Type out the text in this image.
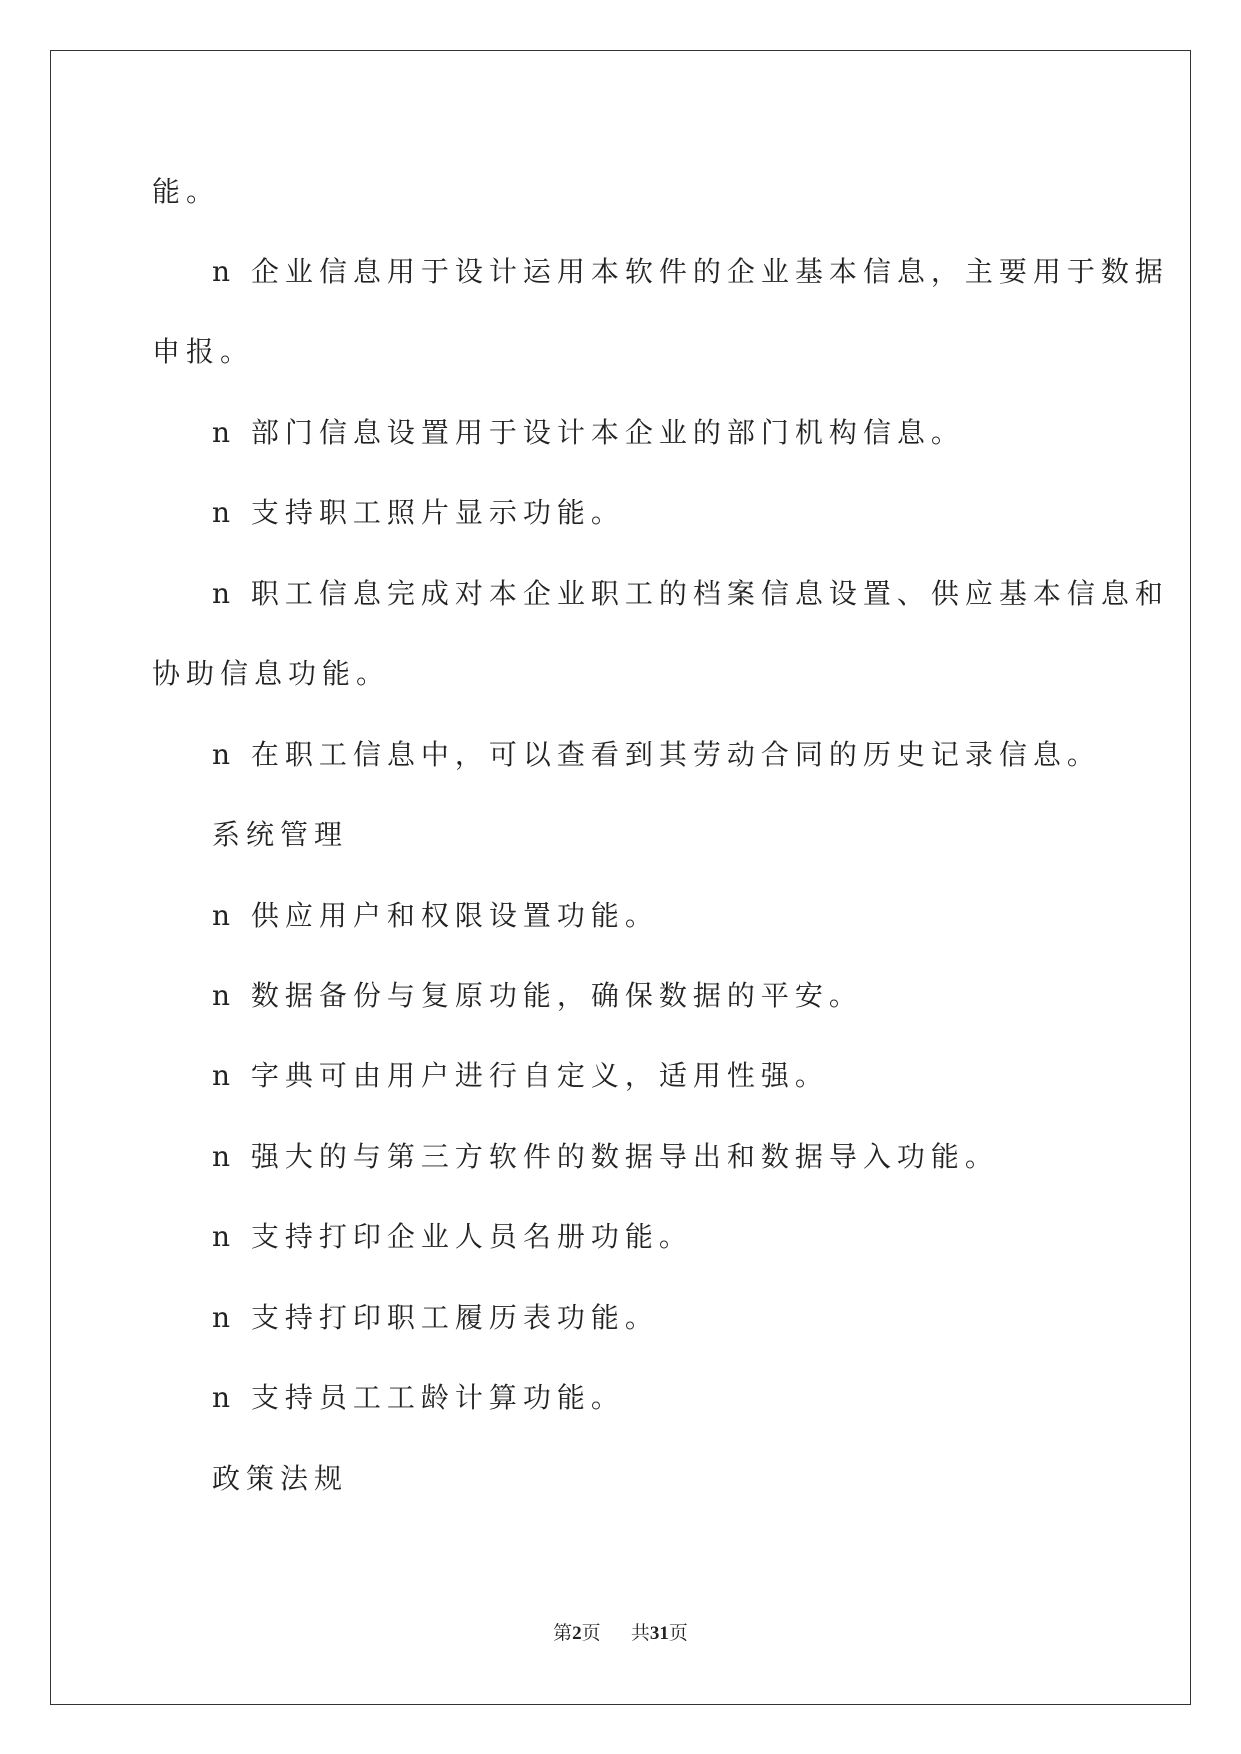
能。
n 企业信息用于设计运用本软件的企业基本信息，主要用于数据
申报。
n 部门信息设置用于设计本企业的部门机构信息。
n 支持职工照片显示功能。
n 职工信息完成对本企业职工的档案信息设置、供应基本信息和
协助信息功能。
n 在职工信息中，可以查看到其劳动合同的历史记录信息。
系统管理
n 供应用户和权限设置功能。
n 数据备份与复原功能，确保数据的平安。
n 字典可由用户进行自定义，适用性强。
n 强大的与第三方软件的数据导出和数据导入功能。
n 支持打印企业人员名册功能。
n 支持打印职工履历表功能。
n 支持员工工龄计算功能。
政策法规
第2页 共31页
